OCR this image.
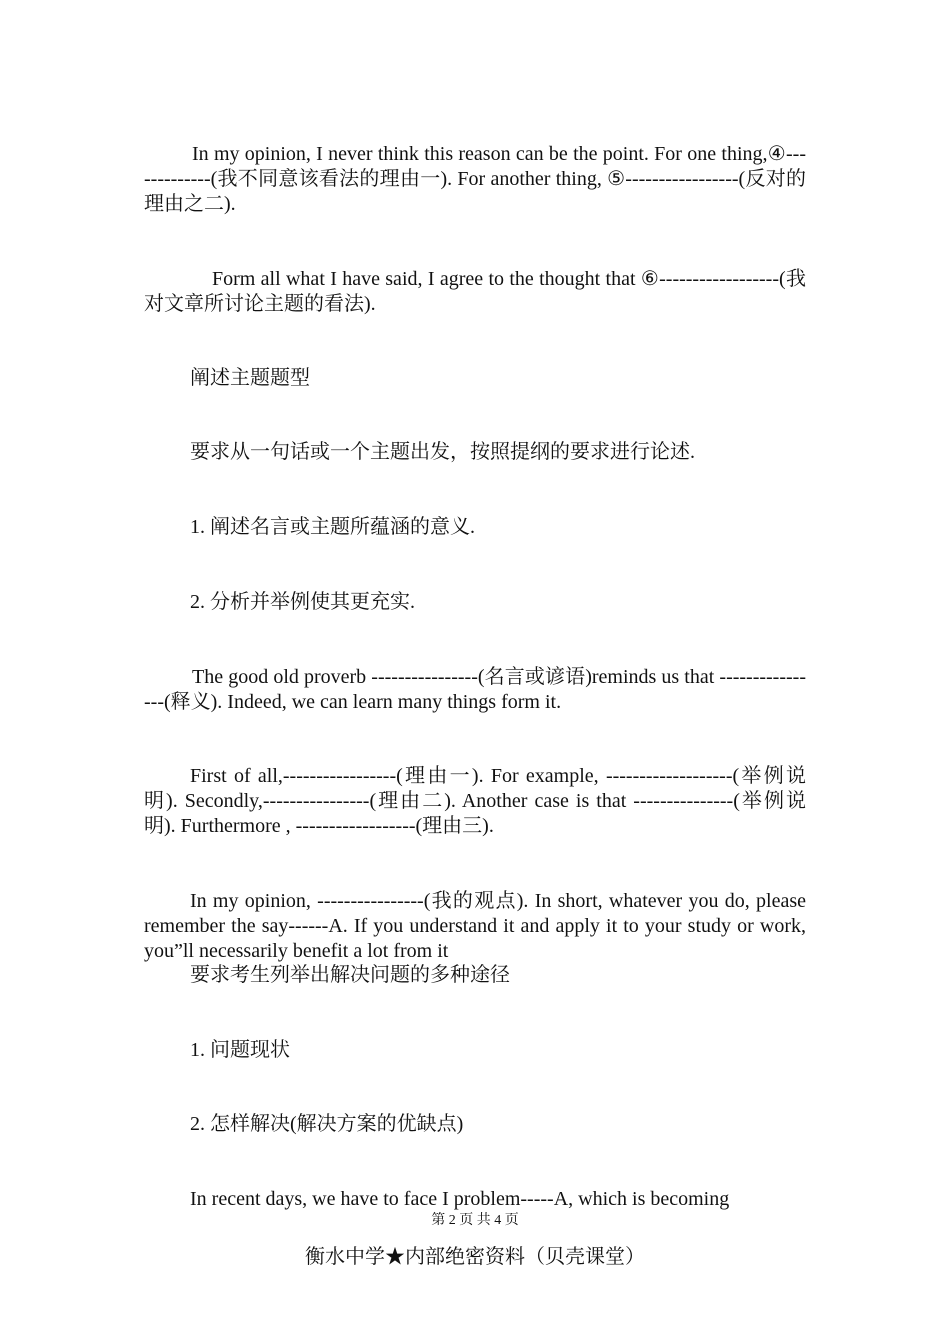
In my opinion, I never think this reason can be the point. For one thing,④-------------(我不同意该看法的理由一). For another thing, ⑤-----------------(反对的理由之二).

Form all what I have said, I agree to the thought that ⑥------------------(我对文章所讨论主题的看法).

阐述主题题型

要求从一句话或一个主题出发，按照提纲的要求进行论述.

1. 阐述名言或主题所蕴涵的意义.

2. 分析并举例使其更充实.

The good old proverb ----------------(名言或谚语)reminds us that ----------------(释义). Indeed, we can learn many things form it.

First of all,-----------------(理由一). For example, -------------------(举例说明). Secondly,----------------(理由二). Another case is that ---------------(举例说明). Furthermore , ------------------(理由三).

In my opinion, ----------------(我的观点). In short, whatever you do, please remember the say------A. If you understand it and apply it to your study or work, you”ll necessarily benefit a lot from it

要求考生列举出解决问题的多种途径

1. 问题现状

2. 怎样解决(解决方案的优缺点)

In recent days, we have to face I problem-----A, which is becoming

第 2 页 共 4 页
衡水中学★内部绝密资料（贝壳课堂）
